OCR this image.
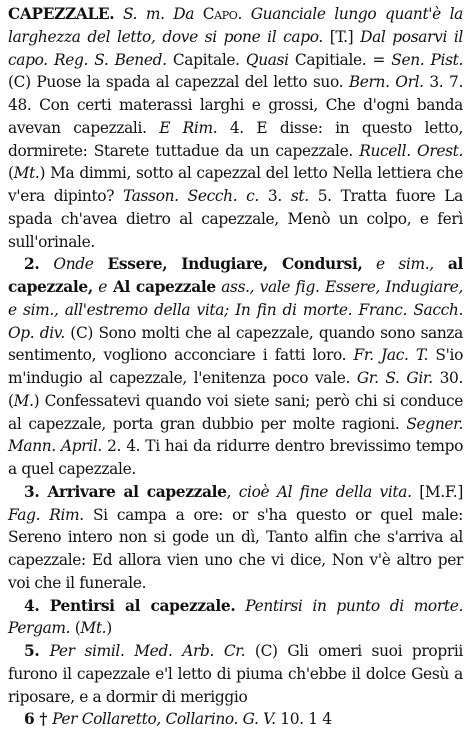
CAPEZZALE. S. m. Da Capo. Guanciale lungo quant'è la larghezza del letto, dove si pone il capo. [T.] Dal posarvi il capo. Reg. S. Bened. Capitale. Quasi Capitiale. = Sen. Pist. (C) Puose la spada al capezzal del letto suo. Bern. Orl. 3. 7. 48. Con certi materassi larghi e grossi, Che d'ogni banda avevan capezzali. E Rim. 4. E disse: in questo letto, dormirete: Starete tuttadue da un capezzale. Rucell. Orest. (Mt.) Ma dimmi, sotto al capezzal del letto Nella lettiera che v'era dipinto? Tasson. Secch. c. 3. st. 5. Tratta fuore La spada ch'avea dietro al capezzale, Menò un colpo, e ferì sull'orinale.

2. Onde Essere, Indugiare, Condursi, e sim., al capezzale, e Al capezzale ass., vale fig. Essere, Indugiare, e sim., all'estremo della vita; In fin di morte. Franc. Sacch. Op. div. (C) Sono molti che al capezzale, quando sono sanza sentimento, vogliono acconciare i fatti loro. Fr. Jac. T. S'io m'indugio al capezzale, l'enitenza poco vale. Gr. S. Gir. 30. (M.) Confessatevi quando voi siete sani; però chi si conduce al capezzale, porta gran dubbio per molte ragioni. Segner. Mann. April. 2. 4. Ti hai da ridurre dentro brevissimo tempo a quel capezzale.

3. Arrivare al capezzale, cioè Al fine della vita. [M.F.] Fag. Rim. Si campa a ore: or s'ha questo or quel male: Sereno intero non si gode un dì, Tanto alfin che s'arriva al capezzale: Ed allora vien uno che vi dice, Non v'è altro per voi che il funerale.

4. Pentirsi al capezzale. Pentirsi in punto di morte. Pergam. (Mt.)

5. Per simil. Med. Arb. Cr. (C) Gli omeri suoi proprii furono il capezzale e'l letto di piuma ch'ebbe il dolce Gesù a riposare, e a dormir di meriggio

6 † Per Collaretto, Collarino. G. V. 10. 1 4
